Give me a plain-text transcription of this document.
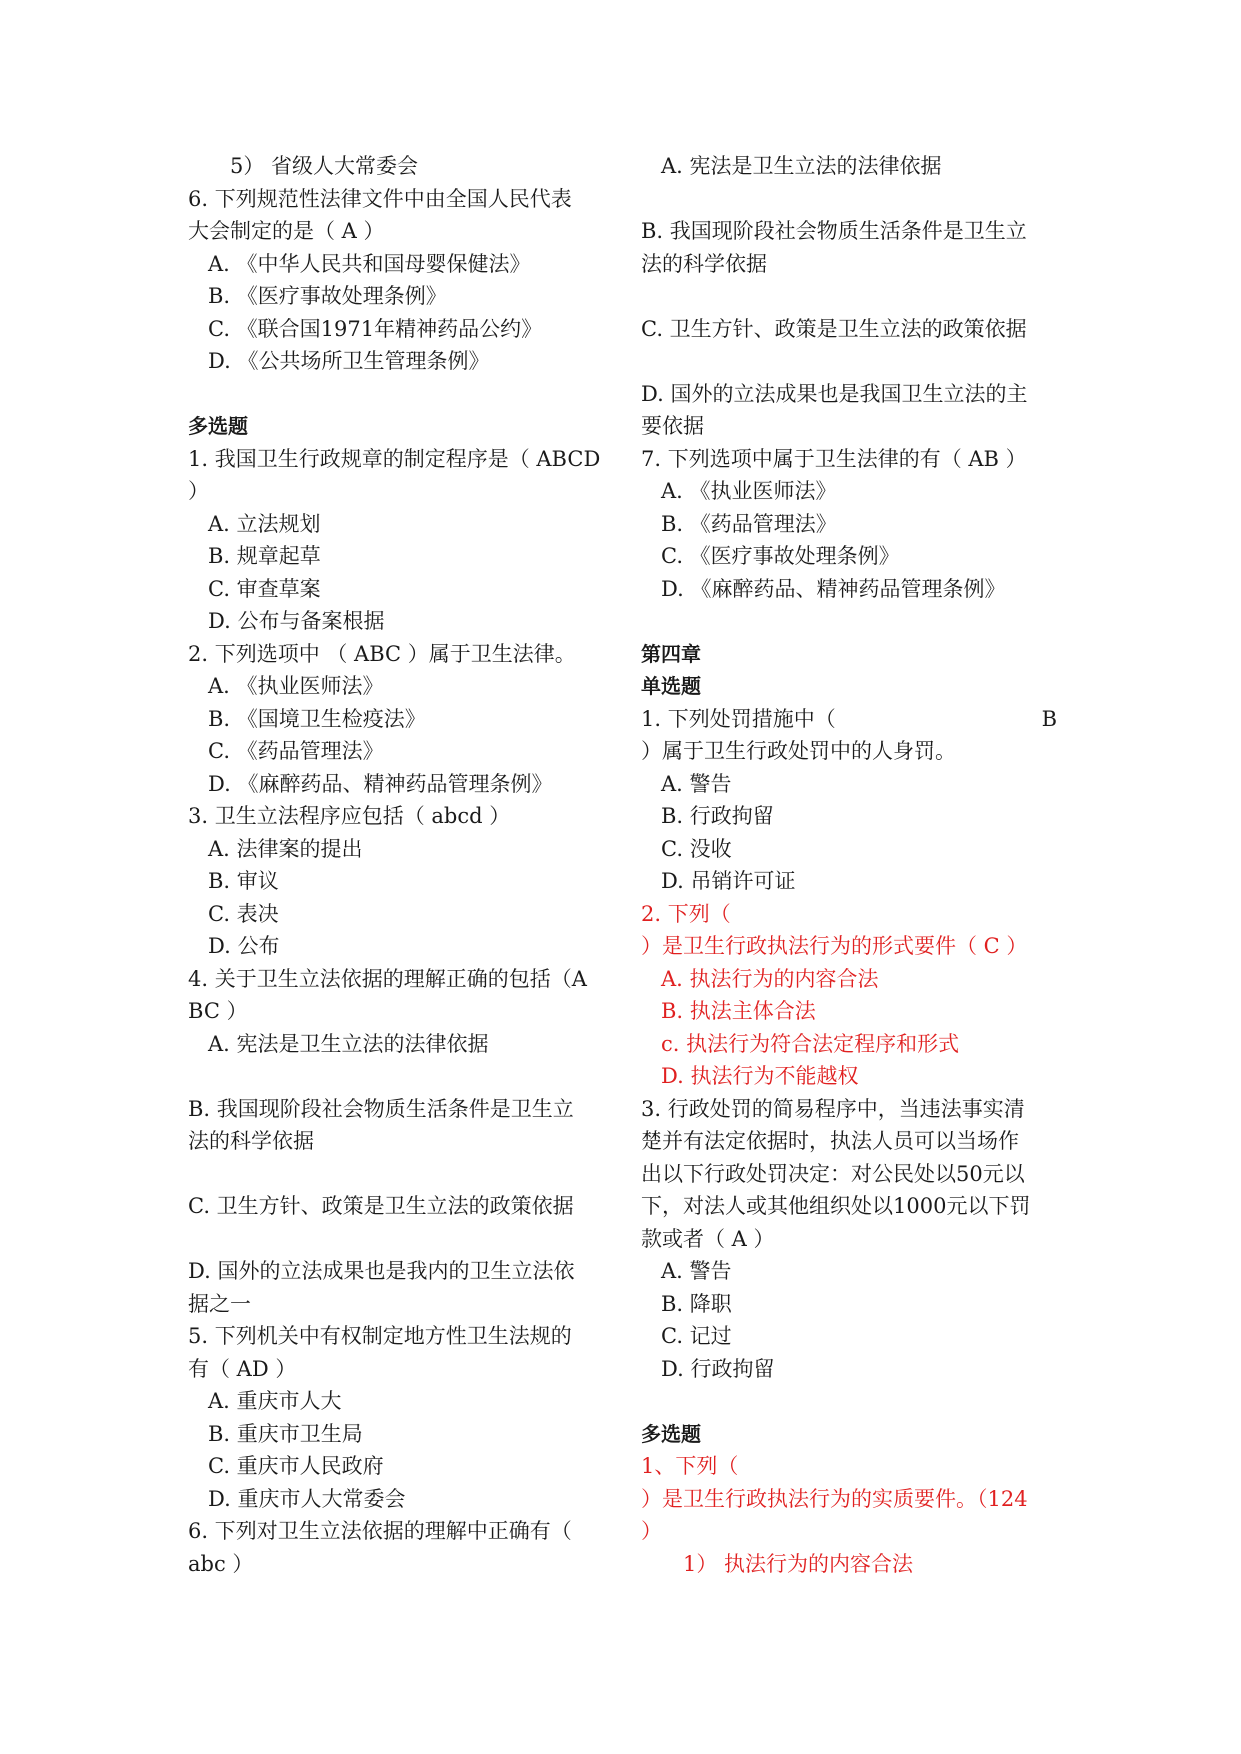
5） 省级人大常委会
6. 下列规范性法律文件中由全国人民代表
大会制定的是（ A ）
A. 《中华人民共和国母婴保健法》
B. 《医疗事故处理条例》
C. 《联合国1971年精神药品公约》
D. 《公共场所卫生管理条例》
多选题
1. 我国卫生行政规章的制定程序是（ ABCD
）
A. 立法规划
B. 规章起草
C. 审查草案
D. 公布与备案根据
2. 下列选项中 （ ABC ）属于卫生法律。
A. 《执业医师法》
B. 《国境卫生检疫法》
C. 《药品管理法》
D. 《麻醉药品、精神药品管理条例》
3. 卫生立法程序应包括（ abcd ）
A. 法律案的提出
B. 审议
C. 表决
D. 公布
4. 关于卫生立法依据的理解正确的包括（A
BC ）
A. 宪法是卫生立法的法律依据
B. 我国现阶段社会物质生活条件是卫生立
法的科学依据
C. 卫生方针、政策是卫生立法的政策依据
D. 国外的立法成果也是我内的卫生立法依
据之一
5. 下列机关中有权制定地方性卫生法规的
有（ AD ）
A. 重庆市人大
B. 重庆市卫生局
C. 重庆市人民政府
D. 重庆市人大常委会
6. 下列对卫生立法依据的理解中正确有（
abc ）
A. 宪法是卫生立法的法律依据
B. 我国现阶段社会物质生活条件是卫生立
法的科学依据
C. 卫生方针、政策是卫生立法的政策依据
D. 国外的立法成果也是我国卫生立法的主
要依据
7. 下列选项中属于卫生法律的有（ AB ）
A. 《执业医师法》
B. 《药品管理法》
C. 《医疗事故处理条例》
D. 《麻醉药品、精神药品管理条例》
第四章
单选题
1. 下列处罚措施中（	B
）属于卫生行政处罚中的人身罚。
A. 警告
B. 行政拘留
C. 没收
D. 吊销许可证
2. 下列（
）是卫生行政执法行为的形式要件（ C ）
A. 执法行为的内容合法
B. 执法主体合法
c. 执法行为符合法定程序和形式
D. 执法行为不能越权
3. 行政处罚的简易程序中，当违法事实清
楚并有法定依据时，执法人员可以当场作
出以下行政处罚决定：对公民处以50元以
下，对法人或其他组织处以1000元以下罚
款或者（ A ）
A. 警告
B. 降职
C. 记过
D. 行政拘留
多选题
1、下列（
）是卫生行政执法行为的实质要件。（124
）
1） 执法行为的内容合法
